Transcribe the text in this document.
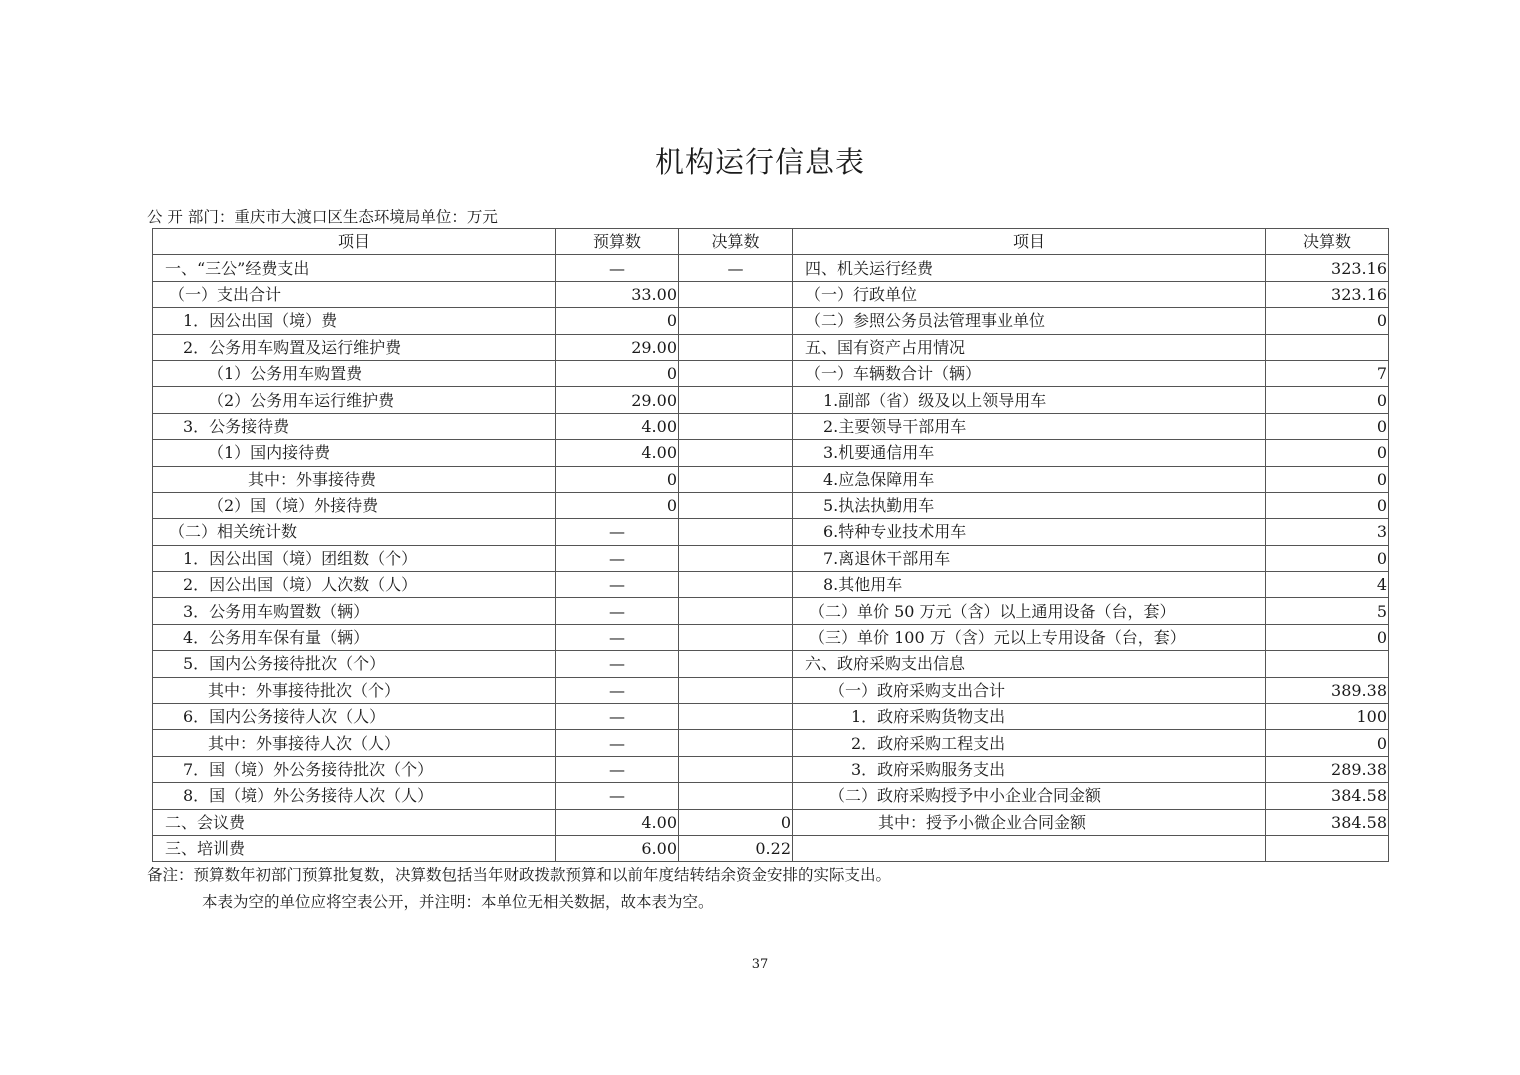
机构运行信息表
公 开 部门：重庆市大渡口区生态环境局单位：万元
项目	预算数	决算数	项目	决算数
一、“三公”经费支出	—	—	四、机关运行经费	323.16
（一）支出合计	33.00		（一）行政单位	323.16
1．因公出国（境）费	0		（二）参照公务员法管理事业单位	0
2．公务用车购置及运行维护费	29.00		五、国有资产占用情况	
（1）公务用车购置费	0		（一）车辆数合计（辆）	7
（2）公务用车运行维护费	29.00		1.副部（省）级及以上领导用车	0
3．公务接待费	4.00		2.主要领导干部用车	0
（1）国内接待费	4.00		3.机要通信用车	0
其中：外事接待费	0		4.应急保障用车	0
（2）国（境）外接待费	0		5.执法执勤用车	0
（二）相关统计数	—		6.特种专业技术用车	3
1．因公出国（境）团组数（个）	—		7.离退休干部用车	0
2．因公出国（境）人次数（人）	—		8.其他用车	4
3．公务用车购置数（辆）	—		（二）单价 50 万元（含）以上通用设备（台，套）	5
4．公务用车保有量（辆）	—		（三）单价 100 万（含）元以上专用设备（台，套）	0
5．国内公务接待批次（个）	—		六、政府采购支出信息	
其中：外事接待批次（个）	—		（一）政府采购支出合计	389.38
6．国内公务接待人次（人）	—		1．政府采购货物支出	100
其中：外事接待人次（人）	—		2．政府采购工程支出	0
7．国（境）外公务接待批次（个）	—		3．政府采购服务支出	289.38
8．国（境）外公务接待人次（人）	—		（二）政府采购授予中小企业合同金额	384.58
二、会议费	4.00	0	其中：授予小微企业合同金额	384.58
三、培训费	6.00	0.22		
备注：预算数年初部门预算批复数，决算数包括当年财政拨款预算和以前年度结转结余资金安排的实际支出。
本表为空的单位应将空表公开，并注明：本单位无相关数据，故本表为空。
37
